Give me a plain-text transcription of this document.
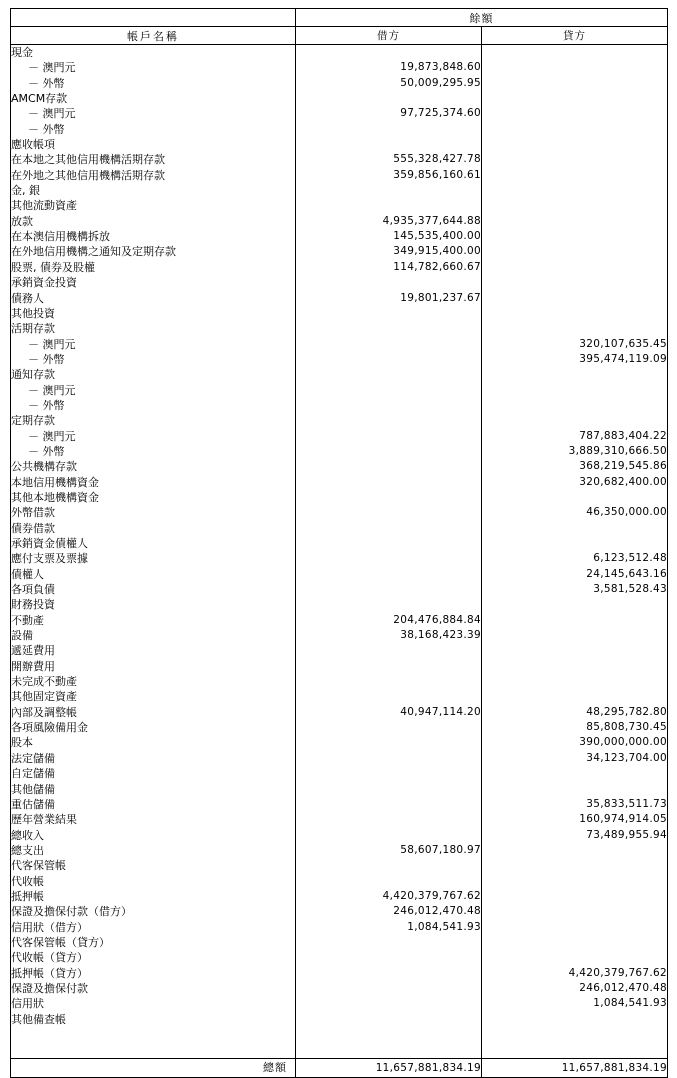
	餘額	
帳戶名稱	借方	貸方
現金		
－ 澳門元	19,873,848.60	
－ 外幣	50,009,295.95	
AMCM存款		
－ 澳門元	97,725,374.60	
－ 外幣		
應收帳項		
在本地之其他信用機構活期存款	555,328,427.78	
在外地之其他信用機構活期存款	359,856,160.61	
金, 銀		
其他流動資產		
放款	4,935,377,644.88	
在本澳信用機構拆放	145,535,400.00	
在外地信用機構之通知及定期存款	349,915,400.00	
股票, 債券及股權	114,782,660.67	
承銷資金投資		
債務人	19,801,237.67	
其他投資		
活期存款		
－ 澳門元		320,107,635.45
－ 外幣		395,474,119.09
通知存款		
－ 澳門元		
－ 外幣		
定期存款		
－ 澳門元		787,883,404.22
－ 外幣		3,889,310,666.50
公共機構存款		368,219,545.86
本地信用機構資金		320,682,400.00
其他本地機構資金		
外幣借款		46,350,000.00
債券借款		
承銷資金債權人		
應付支票及票據		6,123,512.48
債權人		24,145,643.16
各項負債		3,581,528.43
財務投資		
不動產	204,476,884.84	
設備	38,168,423.39	
遞延費用		
開辦費用		
未完成不動產		
其他固定資產		
內部及調整帳	40,947,114.20	48,295,782.80
各項風險備用金		85,808,730.45
股本		390,000,000.00
法定儲備		34,123,704.00
自定儲備		
其他儲備		
重估儲備		35,833,511.73
歷年營業結果		160,974,914.05
總收入		73,489,955.94
總支出	58,607,180.97	
代客保管帳		
代收帳		
抵押帳	4,420,379,767.62	
保證及擔保付款（借方）	246,012,470.48	
信用狀（借方）	1,084,541.93	
代客保管帳（貸方）		
代收帳（貸方）		
抵押帳（貸方）		4,420,379,767.62
保證及擔保付款		246,012,470.48
信用狀		1,084,541.93
其他備查帳		

總額	11,657,881,834.19	11,657,881,834.19
